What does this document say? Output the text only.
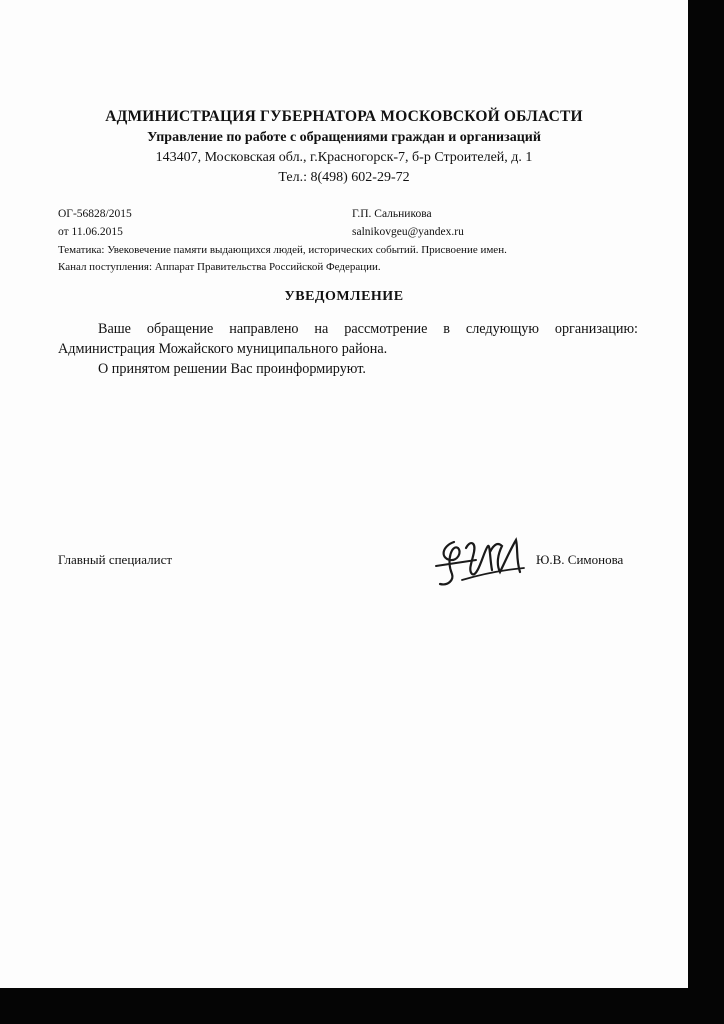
АДМИНИСТРАЦИЯ ГУБЕРНАТОРА МОСКОВСКОЙ ОБЛАСТИ
Управление по работе с обращениями граждан и организаций
143407, Московская обл., г.Красногорск-7, б-р Строителей, д. 1
Тел.: 8(498) 602-29-72
ОГ-56828/2015
от 11.06.2015
Г.П. Сальникова
salnikovgeu@yandex.ru
Тематика: Увековечение памяти выдающихся людей, исторических событий. Присвоение имен.
Канал поступления: Аппарат Правительства Российской Федерации.
УВЕДОМЛЕНИЕ
Ваше обращение направлено на рассмотрение в следующую организацию: Администрация Можайского муниципального района.
О принятом решении Вас проинформируют.
Главный специалист	Ю.В. Симонова
